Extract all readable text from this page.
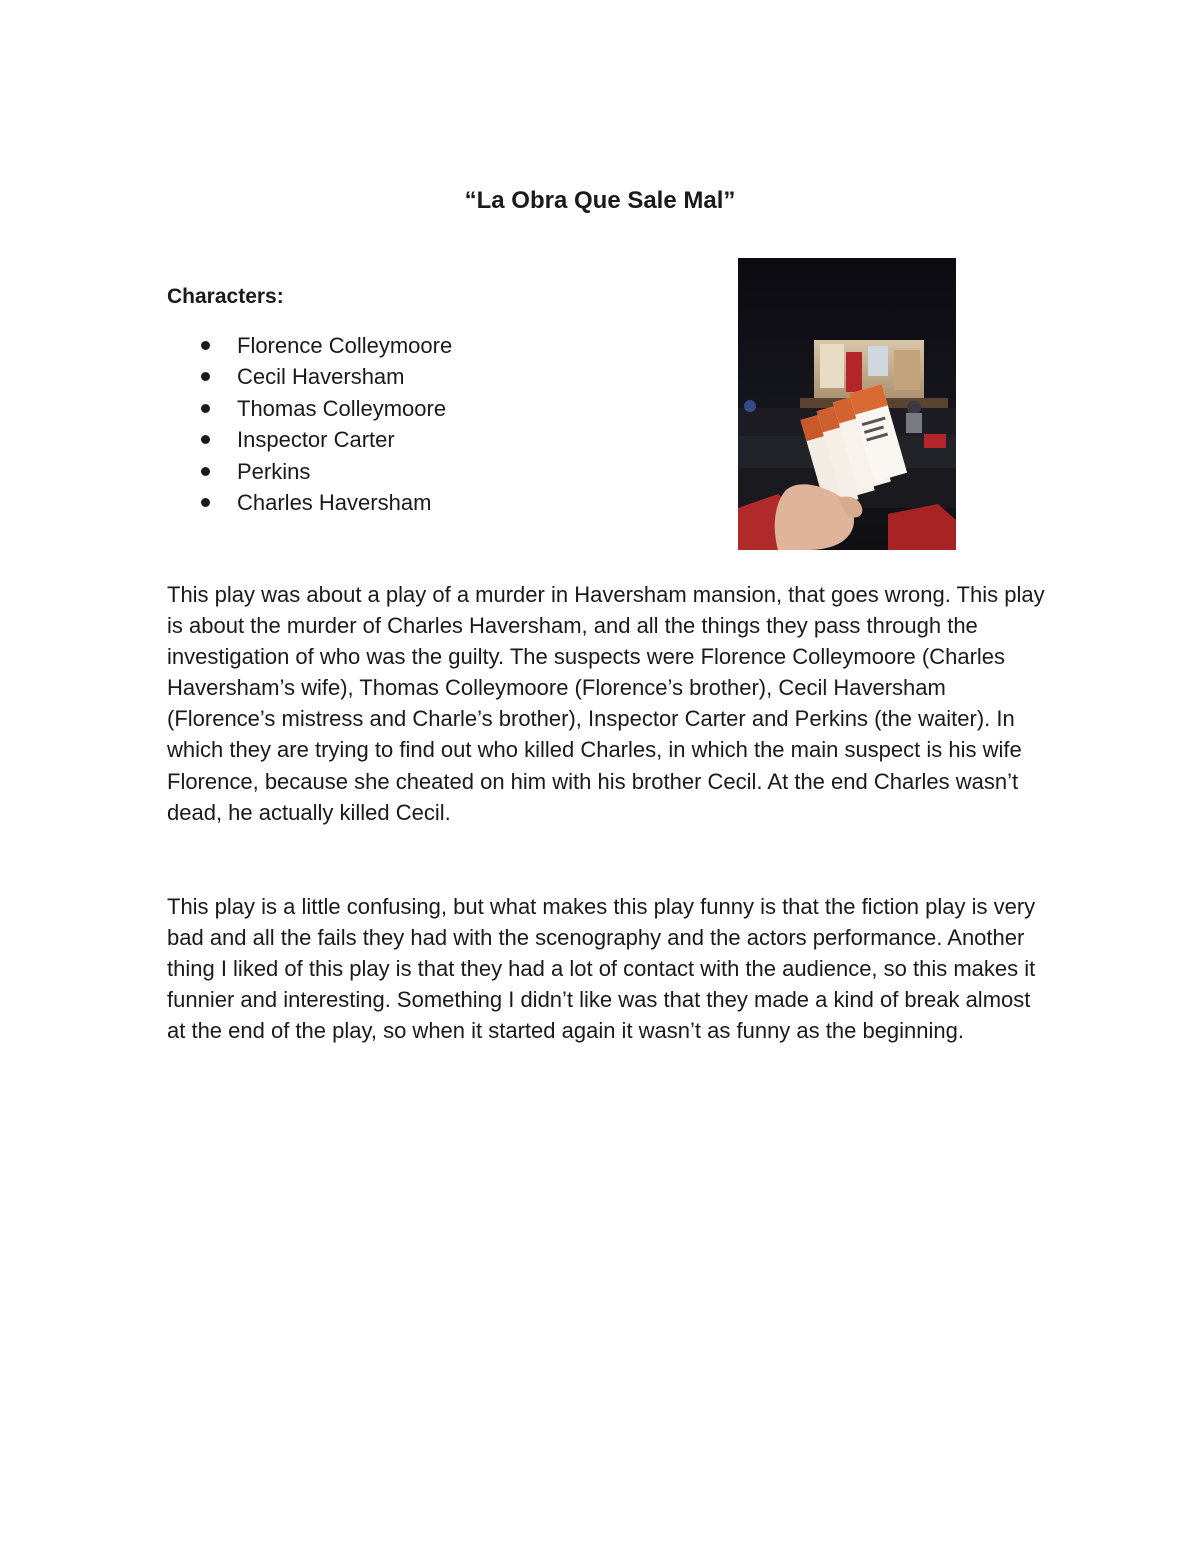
“La Obra Que Sale Mal”
Characters:
Florence Colleymoore
Cecil Haversham
Thomas Colleymoore
Inspector Carter
Perkins
Charles Haversham

This play was about a play of a murder in Haversham mansion, that goes wrong. This play is about the murder of Charles Haversham, and all the things they pass through the investigation of who was the guilty. The suspects were Florence Colleymoore (Charles Haversham’s wife), Thomas Colleymoore (Florence’s brother), Cecil Haversham (Florence’s mistress and Charle’s brother), Inspector Carter and Perkins (the waiter). In which they are trying to find out who killed Charles, in which the main suspect is his wife Florence, because she cheated on him with his brother Cecil. At the end Charles wasn’t dead, he actually killed Cecil.

This play is a little confusing, but what makes this play funny is that the fiction play is very bad and all the fails they had with the scenography and the actors performance. Another thing I liked of this play is that they had a lot of contact with the audience, so this makes it funnier and interesting. Something I didn’t like was that they made a kind of break almost at the end of the play, so when it started again it wasn’t as funny as the beginning.
